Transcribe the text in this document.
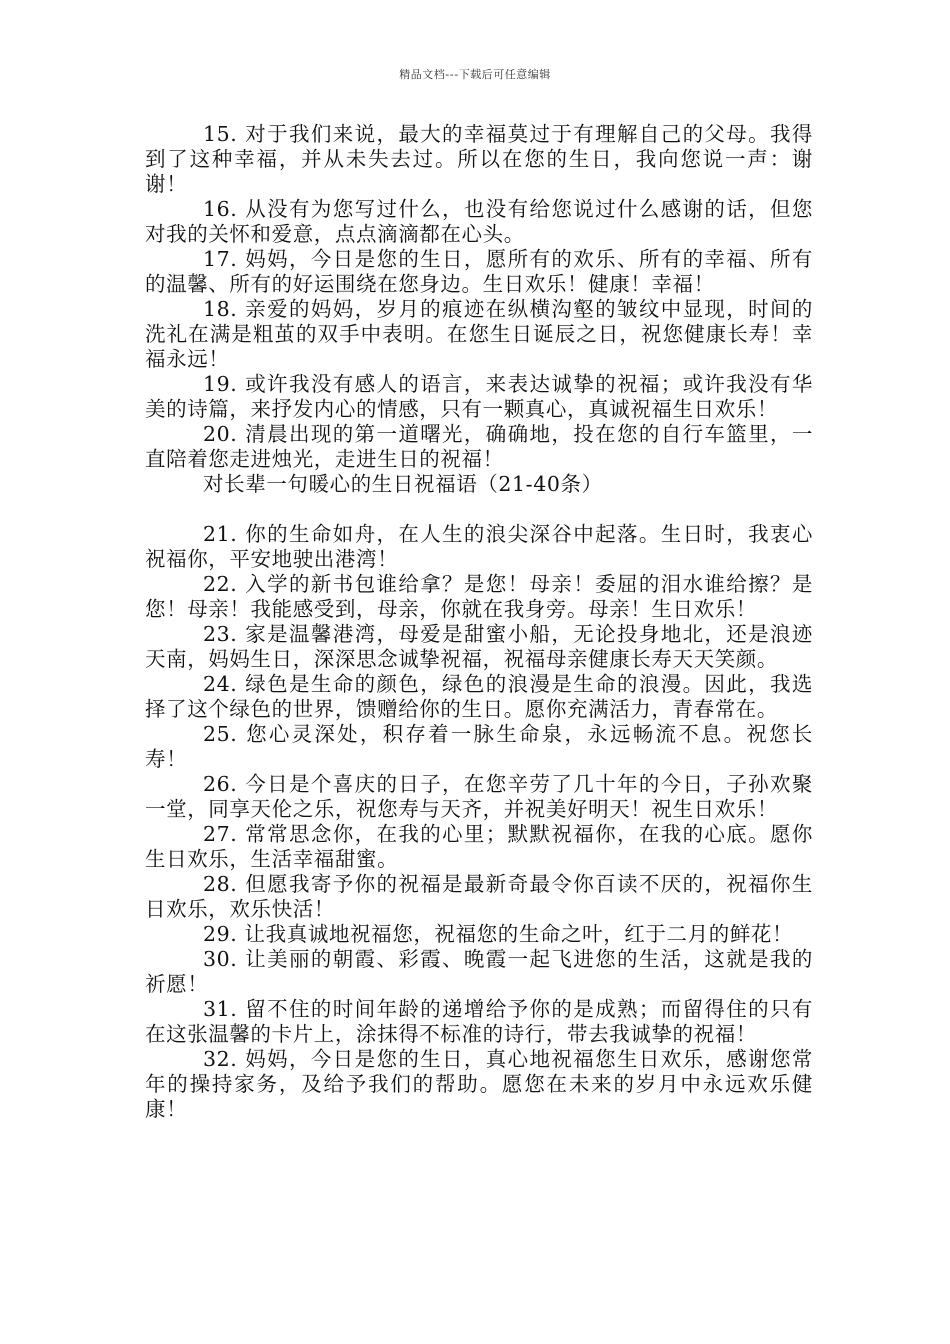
精品文档---下载后可任意编辑

15. 对于我们来说，最大的幸福莫过于有理解自己的父母。我得到了这种幸福，并从未失去过。所以在您的生日，我向您说一声：谢谢！

16. 从没有为您写过什么，也没有给您说过什么感谢的话，但您对我的关怀和爱意，点点滴滴都在心头。

17. 妈妈，今日是您的生日，愿所有的欢乐、所有的幸福、所有的温馨、所有的好运围绕在您身边。生日欢乐！健康！幸福！

18. 亲爱的妈妈，岁月的痕迹在纵横沟壑的皱纹中显现，时间的洗礼在满是粗茧的双手中表明。在您生日诞辰之日，祝您健康长寿！幸福永远！

19. 或许我没有感人的语言，来表达诚挚的祝福；或许我没有华美的诗篇，来抒发内心的情感，只有一颗真心，真诚祝福生日欢乐！

20. 清晨出现的第一道曙光，确确地，投在您的自行车篮里，一直陪着您走进烛光，走进生日的祝福！

对长辈一句暖心的生日祝福语（21-40条）

21. 你的生命如舟，在人生的浪尖深谷中起落。生日时，我衷心祝福你，平安地驶出港湾！

22. 入学的新书包谁给拿？是您！母亲！委屈的泪水谁给擦？是您！母亲！我能感受到，母亲，你就在我身旁。母亲！生日欢乐！

23. 家是温馨港湾，母爱是甜蜜小船，无论投身地北，还是浪迹天南，妈妈生日，深深思念诚挚祝福，祝福母亲健康长寿天天笑颜。

24. 绿色是生命的颜色，绿色的浪漫是生命的浪漫。因此，我选择了这个绿色的世界，馈赠给你的生日。愿你充满活力，青春常在。

25. 您心灵深处，积存着一脉生命泉，永远畅流不息。祝您长寿！

26. 今日是个喜庆的日子，在您辛劳了几十年的今日，子孙欢聚一堂，同享天伦之乐，祝您寿与天齐，并祝美好明天！祝生日欢乐！

27. 常常思念你，在我的心里；默默祝福你，在我的心底。愿你生日欢乐，生活幸福甜蜜。

28. 但愿我寄予你的祝福是最新奇最令你百读不厌的，祝福你生日欢乐，欢乐快活！

29. 让我真诚地祝福您，祝福您的生命之叶，红于二月的鲜花！

30. 让美丽的朝霞、彩霞、晚霞一起飞进您的生活，这就是我的祈愿！

31. 留不住的时间年龄的递增给予你的是成熟；而留得住的只有在这张温馨的卡片上，涂抹得不标准的诗行，带去我诚挚的祝福！

32. 妈妈，今日是您的生日，真心地祝福您生日欢乐，感谢您常年的操持家务，及给予我们的帮助。愿您在未来的岁月中永远欢乐健康！
